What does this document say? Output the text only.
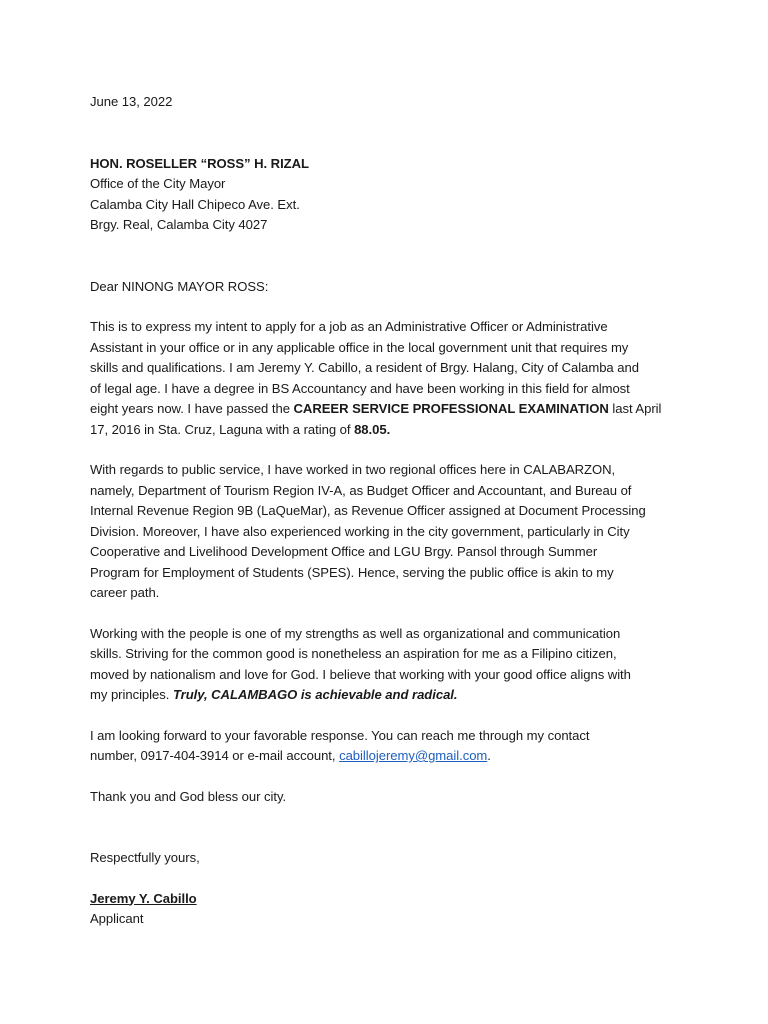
June 13, 2022
HON. ROSELLER “ROSS” H. RIZAL
Office of the City Mayor
Calamba City Hall Chipeco Ave. Ext.
Brgy. Real, Calamba City 4027
Dear NINONG MAYOR ROSS:
This is to express my intent to apply for a job as an Administrative Officer or Administrative
Assistant in your office or in any applicable office in the local government unit that requires my
skills and qualifications. I am Jeremy Y. Cabillo, a resident of Brgy. Halang, City of Calamba and
of legal age. I have a degree in BS Accountancy and have been working in this field for almost
eight years now. I have passed the CAREER SERVICE PROFESSIONAL EXAMINATION last April
17, 2016 in Sta. Cruz, Laguna with a rating of 88.05.
With regards to public service, I have worked in two regional offices here in CALABARZON,
namely, Department of Tourism Region IV-A, as Budget Officer and Accountant, and Bureau of
Internal Revenue Region 9B (LaQueMar), as Revenue Officer assigned at Document Processing
Division. Moreover, I have also experienced working in the city government, particularly in City
Cooperative and Livelihood Development Office and LGU Brgy. Pansol through Summer
Program for Employment of Students (SPES). Hence, serving the public office is akin to my
career path.
Working with the people is one of my strengths as well as organizational and communication
skills. Striving for the common good is nonetheless an aspiration for me as a Filipino citizen,
moved by nationalism and love for God. I believe that working with your good office aligns with
my principles. Truly, CALAMBAGO is achievable and radical.
I am looking forward to your favorable response. You can reach me through my contact
number, 0917-404-3914 or e-mail account, cabillojeremy@gmail.com.
Thank you and God bless our city.
Respectfully yours,
Jeremy Y. Cabillo
Applicant
